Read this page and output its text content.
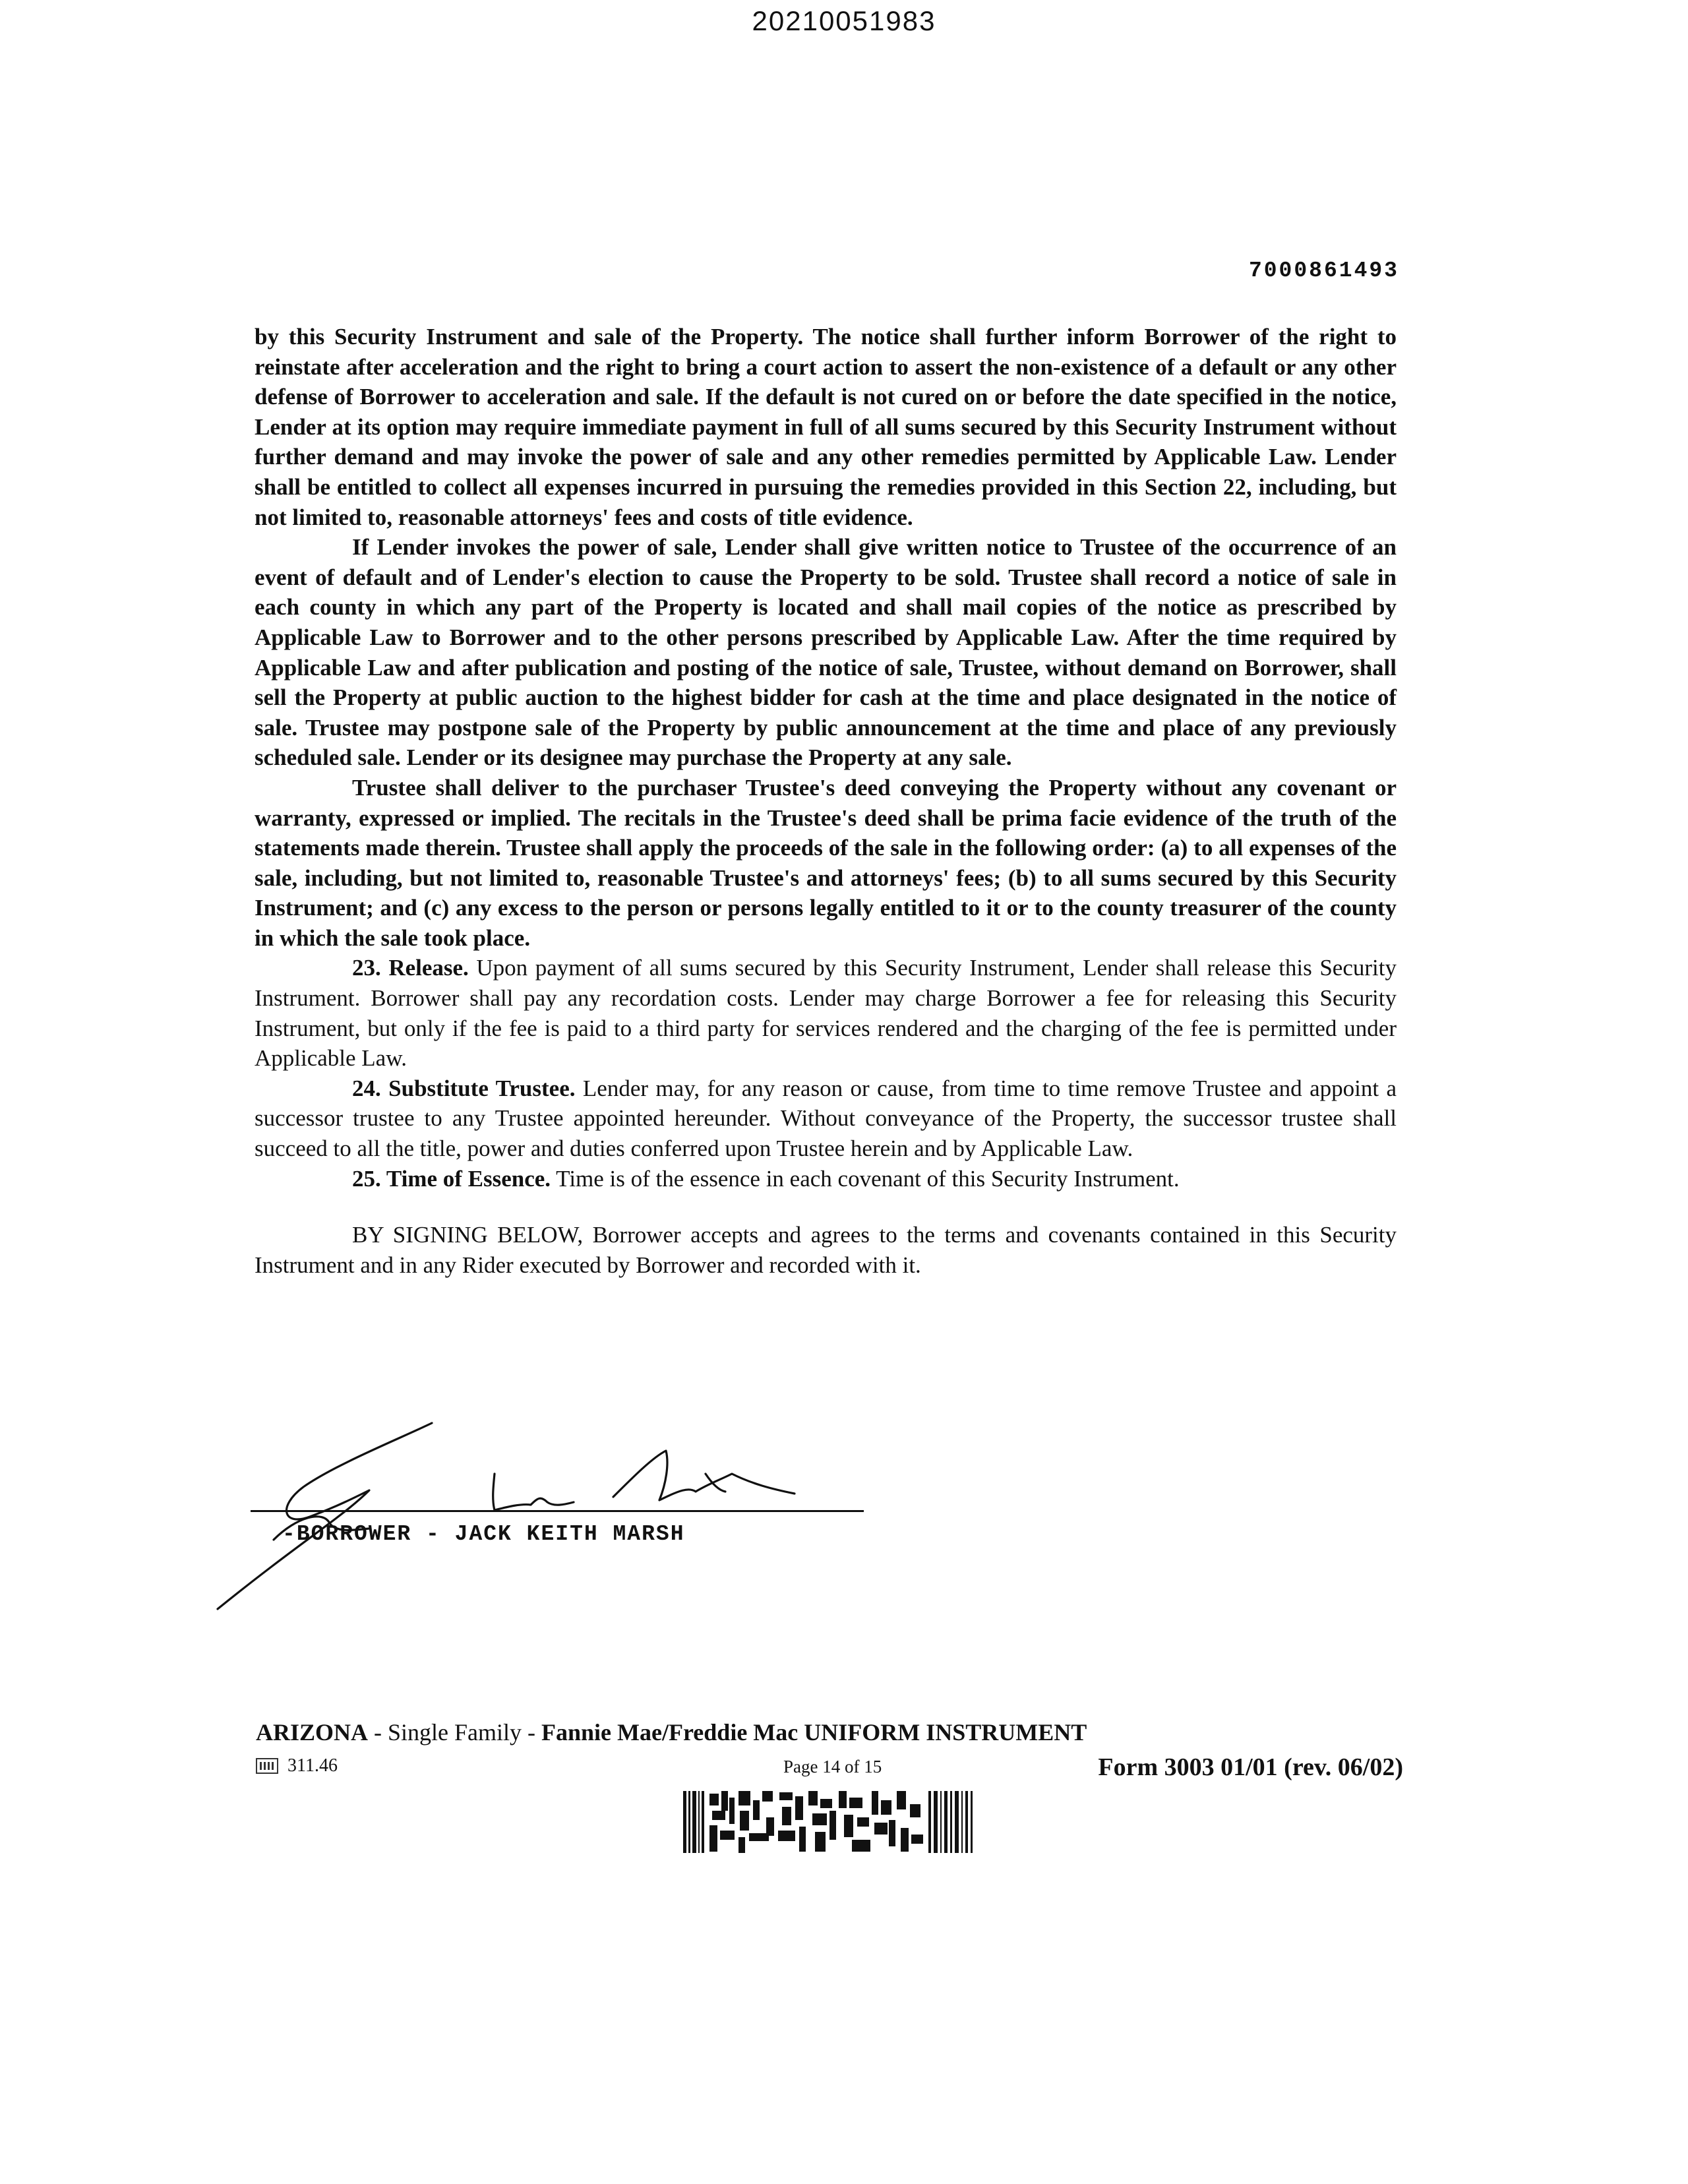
20210051983
7000861493

by this Security Instrument and sale of the Property. The notice shall further inform Borrower of the right to reinstate after acceleration and the right to bring a court action to assert the non-existence of a default or any other defense of Borrower to acceleration and sale. If the default is not cured on or before the date specified in the notice, Lender at its option may require immediate payment in full of all sums secured by this Security Instrument without further demand and may invoke the power of sale and any other remedies permitted by Applicable Law. Lender shall be entitled to collect all expenses incurred in pursuing the remedies provided in this Section 22, including, but not limited to, reasonable attorneys' fees and costs of title evidence.

If Lender invokes the power of sale, Lender shall give written notice to Trustee of the occurrence of an event of default and of Lender's election to cause the Property to be sold. Trustee shall record a notice of sale in each county in which any part of the Property is located and shall mail copies of the notice as prescribed by Applicable Law to Borrower and to the other persons prescribed by Applicable Law. After the time required by Applicable Law and after publication and posting of the notice of sale, Trustee, without demand on Borrower, shall sell the Property at public auction to the highest bidder for cash at the time and place designated in the notice of sale. Trustee may postpone sale of the Property by public announcement at the time and place of any previously scheduled sale. Lender or its designee may purchase the Property at any sale.

Trustee shall deliver to the purchaser Trustee's deed conveying the Property without any covenant or warranty, expressed or implied. The recitals in the Trustee's deed shall be prima facie evidence of the truth of the statements made therein. Trustee shall apply the proceeds of the sale in the following order: (a) to all expenses of the sale, including, but not limited to, reasonable Trustee's and attorneys' fees; (b) to all sums secured by this Security Instrument; and (c) any excess to the person or persons legally entitled to it or to the county treasurer of the county in which the sale took place.

23. Release. Upon payment of all sums secured by this Security Instrument, Lender shall release this Security Instrument. Borrower shall pay any recordation costs. Lender may charge Borrower a fee for releasing this Security Instrument, but only if the fee is paid to a third party for services rendered and the charging of the fee is permitted under Applicable Law.

24. Substitute Trustee. Lender may, for any reason or cause, from time to time remove Trustee and appoint a successor trustee to any Trustee appointed hereunder. Without conveyance of the Property, the successor trustee shall succeed to all the title, power and duties conferred upon Trustee herein and by Applicable Law.

25. Time of Essence. Time is of the essence in each covenant of this Security Instrument.

BY SIGNING BELOW, Borrower accepts and agrees to the terms and covenants contained in this Security Instrument and in any Rider executed by Borrower and recorded with it.

-BORROWER - JACK KEITH MARSH
ARIZONA - Single Family - Fannie Mae/Freddie Mac UNIFORM INSTRUMENT
311.46	Page 14 of 15	Form 3003 01/01 (rev. 06/02)
